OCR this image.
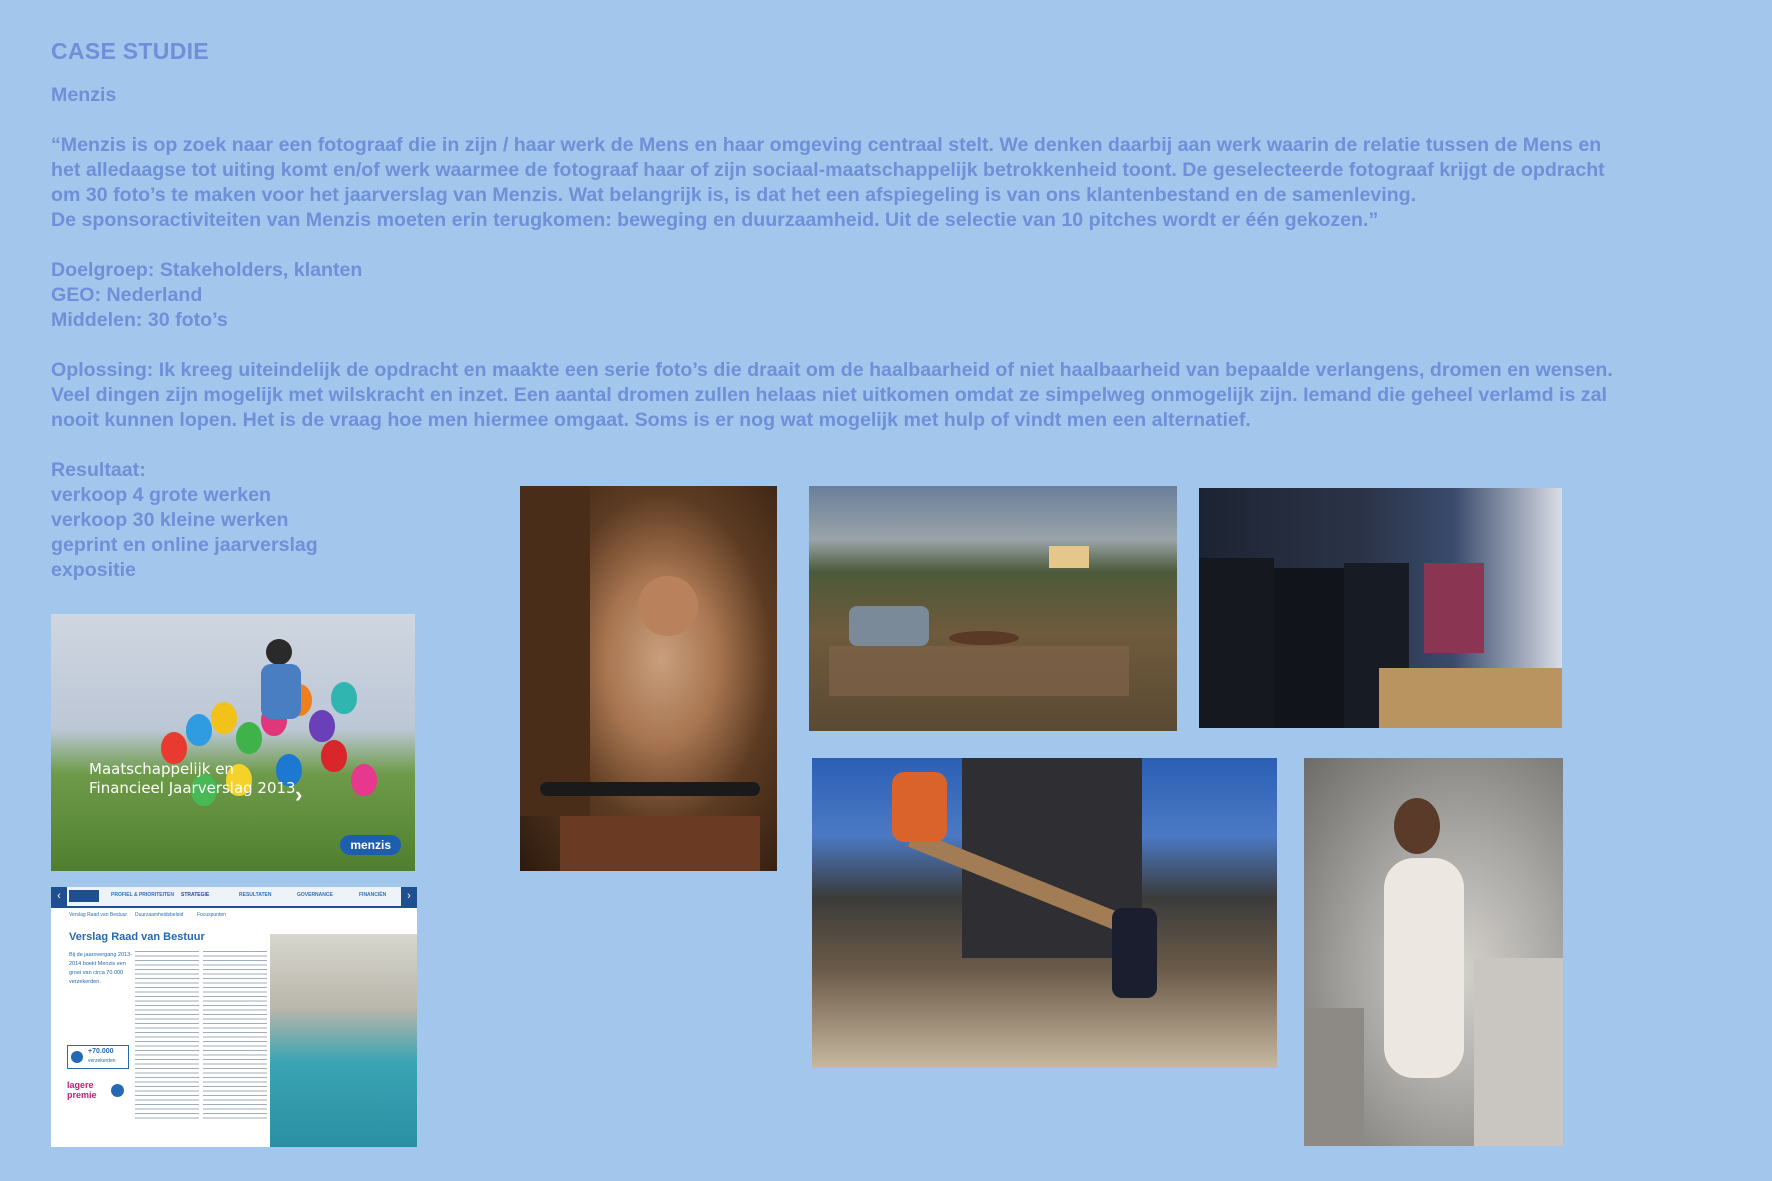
CASE STUDIE
Menzis
“Menzis is op zoek naar een fotograaf die in zijn / haar werk de Mens en haar omgeving centraal stelt. We denken daarbij aan werk waarin de relatie tussen de Mens en
het alledaagse tot uiting komt en/of werk waarmee de fotograaf haar of zijn sociaal-maatschappelijk betrokkenheid toont. De geselecteerde fotograaf krijgt de opdracht
om 30 foto’s te maken voor het jaarverslag van Menzis. Wat belangrijk is, is dat het een afspiegeling is van ons klantenbestand en de samenleving.
De sponsoractiviteiten van Menzis moeten erin terugkomen: beweging en duurzaamheid. Uit de selectie van 10 pitches wordt er één gekozen.”
Doelgroep: Stakeholders, klanten
GEO: Nederland
Middelen: 30 foto’s
Oplossing: Ik kreeg uiteindelijk de opdracht en maakte een serie foto’s die draait om de haalbaarheid of niet haalbaarheid van bepaalde verlangens, dromen en wensen.
Veel dingen zijn mogelijk met wilskracht en inzet. Een aantal dromen zullen helaas niet uitkomen omdat ze simpelweg onmogelijk zijn. Iemand die geheel verlamd is zal
nooit kunnen lopen. Het is de vraag hoe men hiermee omgaat. Soms is er nog wat mogelijk met hulp of vindt men een alternatief.
Resultaat:
verkoop 4 grote werken
verkoop 30 kleine werken
geprint en online jaarverslag
expositie
Maatschappelijk en
Financieel Jaarverslag 2013 ›
menzis
‹	PROFIEL & PRIORITEITEN STRATEGIE	RESULTATEN	GOVERNANCE	FINANCIËN	›
Verslag Raad van Bestuur Duurzaamheidsbeleid	Focuspunten
Verslag Raad van Bestuur
Bij de jaarovergang 2013-2014 boekt Menzis een groei van circa 70.000 verzekerden.
+70.000
verzekerden
lagere
premie
